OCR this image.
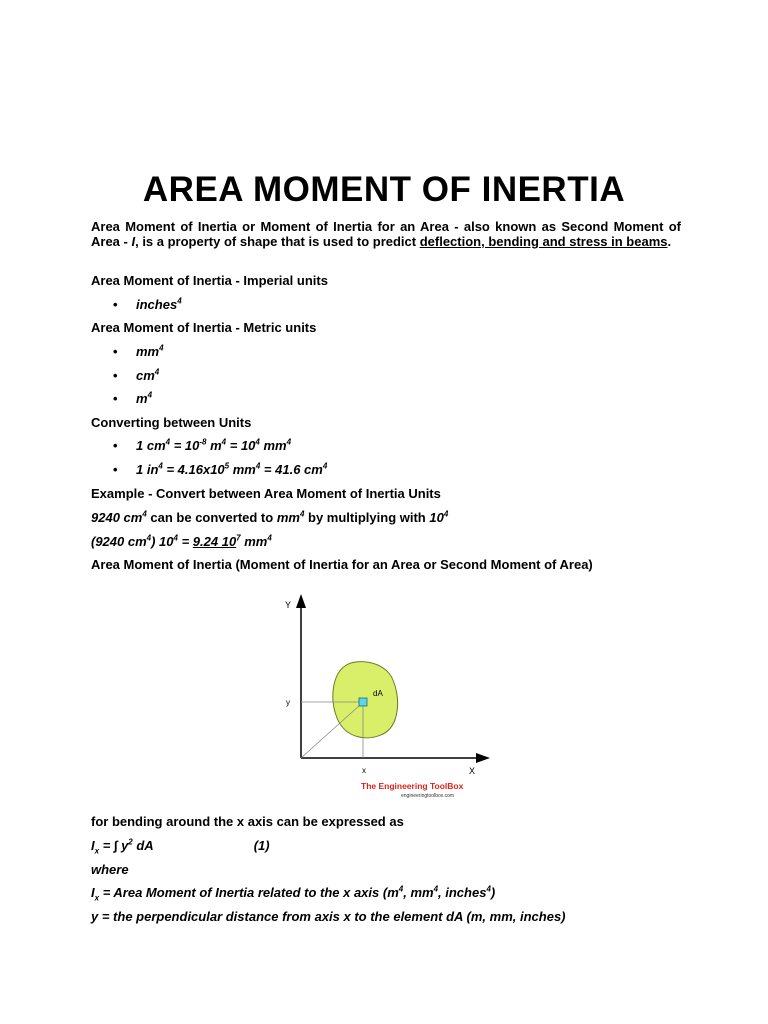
AREA MOMENT OF INERTIA
Area Moment of Inertia or Moment of Inertia for an Area - also known as Second Moment of Area - I, is a property of shape that is used to predict deflection, bending and stress in beams.
Area Moment of Inertia - Imperial units
• inches$^4$
Area Moment of Inertia - Metric units
• $mm^4$
• $cm^4$
• $m^4$
Converting between Units
• 1 $cm^4 = 10^{-8}$ $m^4 = 10^4$ $mm^4$
• 1 $in^4 = 4.16x10^5$ $mm^4 = 41.6$ $cm^4$
Example - Convert between Area Moment of Inertia Units
9240 $cm^4$ can be converted to $mm^4$ by multiplying with $10^4$
(9240 $cm^4$) $10^4 = 9.24$ $10^7$ $mm^4$
Area Moment of Inertia (Moment of Inertia for an Area or Second Moment of Area)
Y
X
y
x
dA
The Engineering ToolBox
engineeringtoolbox.com
for bending around the x axis can be expressed as
$I_x$ = ∫ $y^2$ dA	(1)
where
$I_x$ = Area Moment of Inertia related to the x axis ($m^4$, $mm^4$, inches$^4$)
y = the perpendicular distance from axis x to the element dA (m, mm, inches)
